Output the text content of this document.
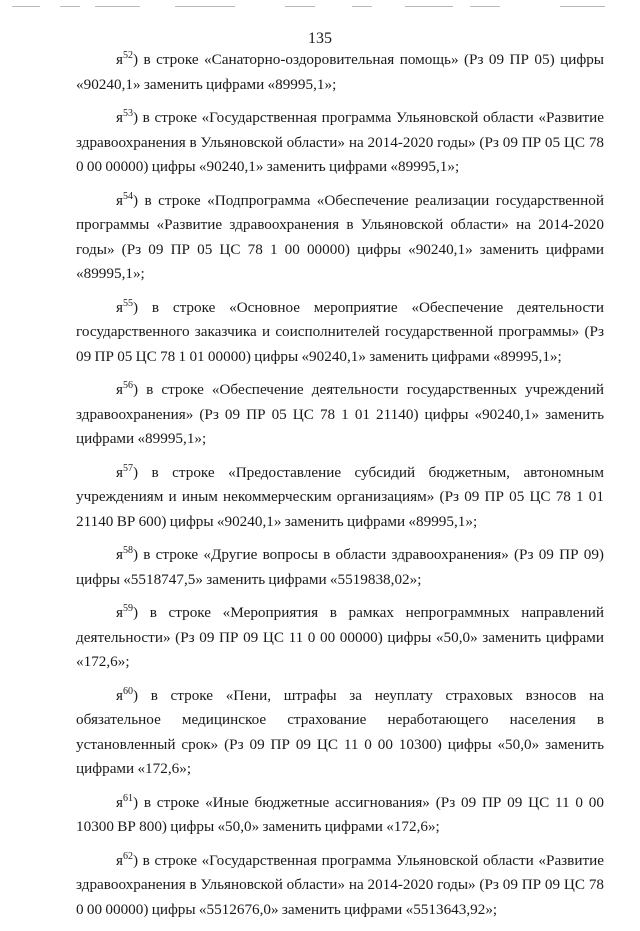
135

$я^{52}$) в строке «Санаторно-оздоровительная помощь» (Рз 09 ПР 05) цифры «90240,1» заменить цифрами «89995,1»;

$я^{53}$) в строке «Государственная программа Ульяновской области «Развитие здравоохранения в Ульяновской области» на 2014-2020 годы» (Рз 09 ПР 05 ЦС 78 0 00 00000) цифры «90240,1» заменить цифрами «89995,1»;

$я^{54}$) в строке «Подпрограмма «Обеспечение реализации государственной программы «Развитие здравоохранения в Ульяновской области» на 2014-2020 годы» (Рз 09 ПР 05 ЦС 78 1 00 00000) цифры «90240,1» заменить цифрами «89995,1»;

$я^{55}$) в строке «Основное мероприятие «Обеспечение деятельности государственного заказчика и соисполнителей государственной программы» (Рз 09 ПР 05 ЦС 78 1 01 00000) цифры «90240,1» заменить цифрами «89995,1»;

$я^{56}$) в строке «Обеспечение деятельности государственных учреждений здравоохранения» (Рз 09 ПР 05 ЦС 78 1 01 21140) цифры «90240,1» заменить цифрами «89995,1»;

$я^{57}$) в строке «Предоставление субсидий бюджетным, автономным учреждениям и иным некоммерческим организациям» (Рз 09 ПР 05 ЦС 78 1 01 21140 ВР 600) цифры «90240,1» заменить цифрами «89995,1»;

$я^{58}$) в строке «Другие вопросы в области здравоохранения» (Рз 09 ПР 09) цифры «5518747,5» заменить цифрами «5519838,02»;

$я^{59}$) в строке «Мероприятия в рамках непрограммных направлений деятельности» (Рз 09 ПР 09 ЦС 11 0 00 00000) цифры «50,0» заменить цифрами «172,6»;

$я^{60}$) в строке «Пени, штрафы за неуплату страховых взносов на обязательное медицинское страхование неработающего населения в установленный срок» (Рз 09 ПР 09 ЦС 11 0 00 10300) цифры «50,0» заменить цифрами «172,6»;

$я^{61}$) в строке «Иные бюджетные ассигнования» (Рз 09 ПР 09 ЦС 11 0 00 10300 ВР 800) цифры «50,0» заменить цифрами «172,6»;

$я^{62}$) в строке «Государственная программа Ульяновской области «Развитие здравоохранения в Ульяновской области» на 2014-2020 годы» (Рз 09 ПР 09 ЦС 78 0 00 00000) цифры «5512676,0» заменить цифрами «5513643,92»;
